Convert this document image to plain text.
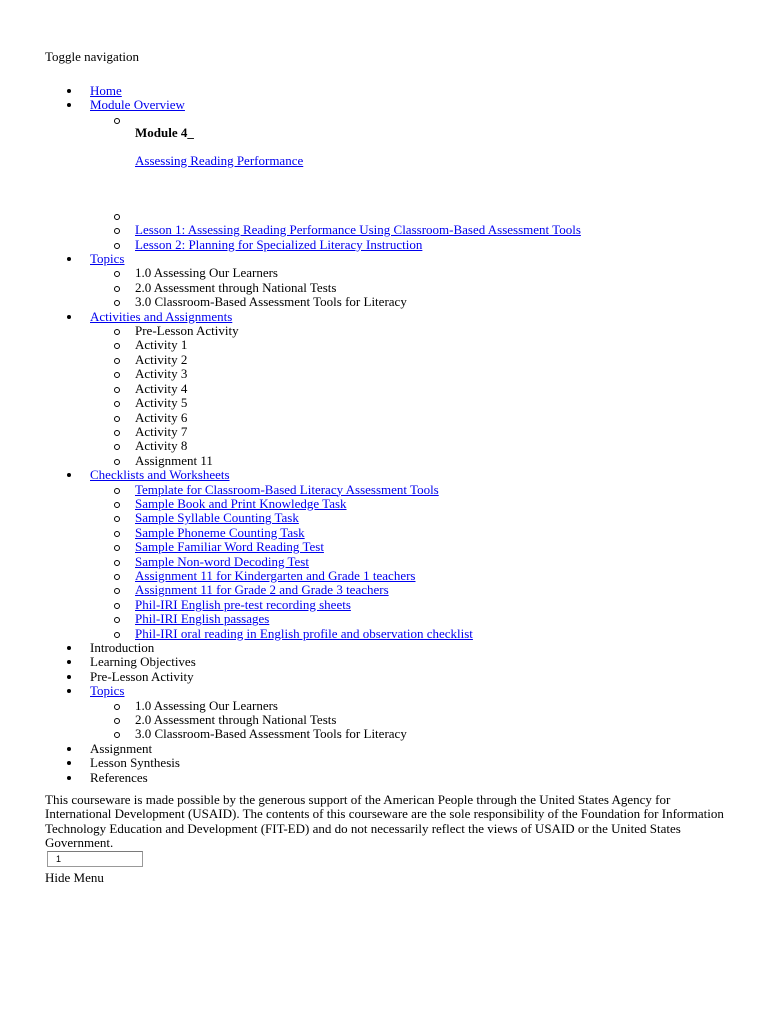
Toggle navigation
Home
Module Overview
Module 4_
Assessing Reading Performance
Lesson 1: Assessing Reading Performance Using Classroom-Based Assessment Tools
Lesson 2: Planning for Specialized Literacy Instruction
Topics
1.0 Assessing Our Learners
2.0 Assessment through National Tests
3.0 Classroom-Based Assessment Tools for Literacy
Activities and Assignments
Pre-Lesson Activity
Activity 1
Activity 2
Activity 3
Activity 4
Activity 5
Activity 6
Activity 7
Activity 8
Assignment 11
Checklists and Worksheets
Template for Classroom-Based Literacy Assessment Tools
Sample Book and Print Knowledge Task
Sample Syllable Counting Task
Sample Phoneme Counting Task
Sample Familiar Word Reading Test
Sample Non-word Decoding Test
Assignment 11 for Kindergarten and Grade 1 teachers
Assignment 11 for Grade 2 and Grade 3 teachers
Phil-IRI English pre-test recording sheets
Phil-IRI English passages
Phil-IRI oral reading in English profile and observation checklist
Introduction
Learning Objectives
Pre-Lesson Activity
Topics
1.0 Assessing Our Learners
2.0 Assessment through National Tests
3.0 Classroom-Based Assessment Tools for Literacy
Assignment
Lesson Synthesis
References
This courseware is made possible by the generous support of the American People through the United States Agency for International Development (USAID). The contents of this courseware are the sole responsibility of the Foundation for Information Technology Education and Development (FIT-ED) and do not necessarily reflect the views of USAID or the United States Government.
1
Hide Menu
